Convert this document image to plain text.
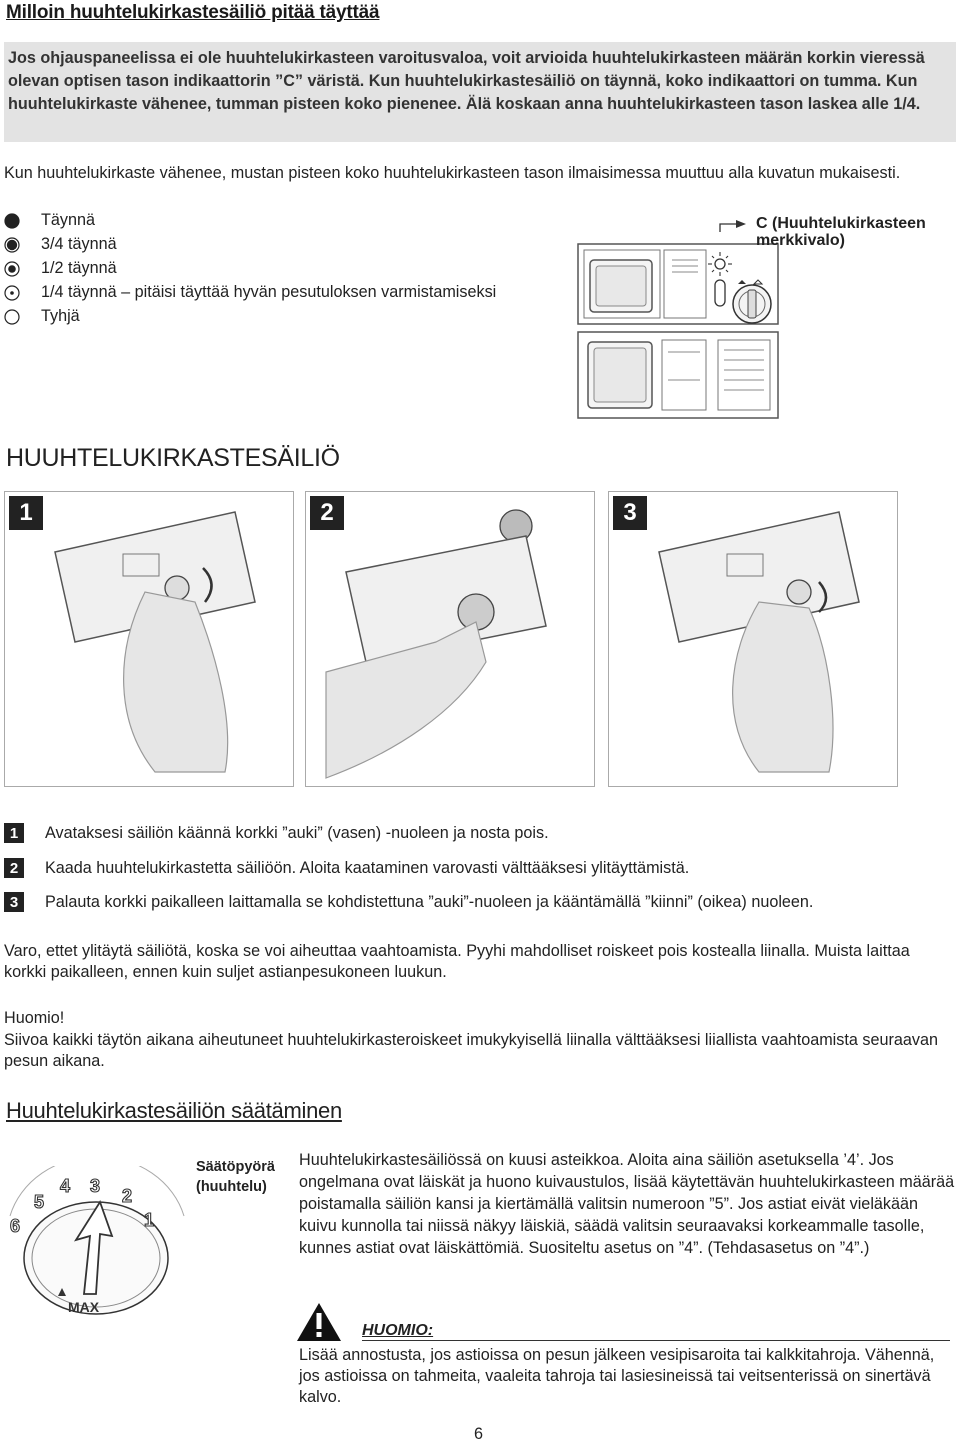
Milloin huuhtelukirkastesäiliö pitää täyttää
Jos ohjauspaneelissa ei ole huuhtelukirkasteen varoitusvaloa, voit arvioida huuhtelukirkasteen määrän korkin vieressä olevan optisen tason indikaattorin ”C” väristä. Kun huuhtelukirkastesäiliö on täynnä, koko indikaattori on tumma. Kun huuhtelukirkaste vähenee, tumman pisteen koko pienenee. Älä koskaan anna huuhtelukirkasteen tason laskea alle 1/4.
Kun huuhtelukirkaste vähenee, mustan pisteen koko huuhtelukirkasteen tason ilmaisimessa muuttuu alla kuvatun mukaisesti.
Täynnä
3/4 täynnä
1/2 täynnä
1/4 täynnä – pitäisi täyttää hyvän pesutuloksen varmistamiseksi
Tyhjä
C (Huuhtelukirkasteen merkkivalo)
HUUHTELUKIRKASTESÄILIÖ
1	2	3
1	Avataksesi säiliön käännä korkki ”auki” (vasen) -nuoleen ja nosta pois.
2	Kaada huuhtelukirkastetta säiliöön. Aloita kaataminen varovasti välttääksesi ylitäyttämistä.
3	Palauta korkki paikalleen laittamalla se kohdistettuna ”auki”-nuoleen ja kääntämällä ”kiinni” (oikea) nuoleen.
Varo, ettet ylitäytä säiliötä, koska se voi aiheuttaa vaahtoamista. Pyyhi mahdolliset roiskeet pois kostealla liinalla. Muista laittaa korkki paikalleen, ennen kuin suljet astianpesukoneen luukun.
Huomio!
Siivoa kaikki täytön aikana aiheutuneet huuhtelukirkasteroiskeet imukykyisellä liinalla välttääksesi liiallista vaahtoamista seuraavan pesun aikana.
Huuhtelukirkastesäiliön säätäminen
6
5
4 3 2
1
MAX
Säätöpyörä (huuhtelu)
Huuhtelukirkastesäiliössä on kuusi asteikkoa. Aloita aina säiliön asetuksella ’4’. Jos ongelmana ovat läiskät ja huono kuivaustulos, lisää käytettävän huuhtelukirkasteen määrää poistamalla säiliön kansi ja kiertämällä valitsin numeroon ”5”. Jos astiat eivät vieläkään kuivu kunnolla tai niissä näkyy läiskiä, säädä valitsin seuraavaksi korkeammalle tasolle, kunnes astiat ovat läiskättömiä. Suositeltu asetus on ”4”. (Tehdasasetus on ”4”.)
HUOMIO:
Lisää annostusta, jos astioissa on pesun jälkeen vesipisaroita tai kalkkitahroja. Vähennä, jos astioissa on tahmeita, vaaleita tahroja tai lasiesineissä tai veitsenterissä on sinertävä kalvo.
6
